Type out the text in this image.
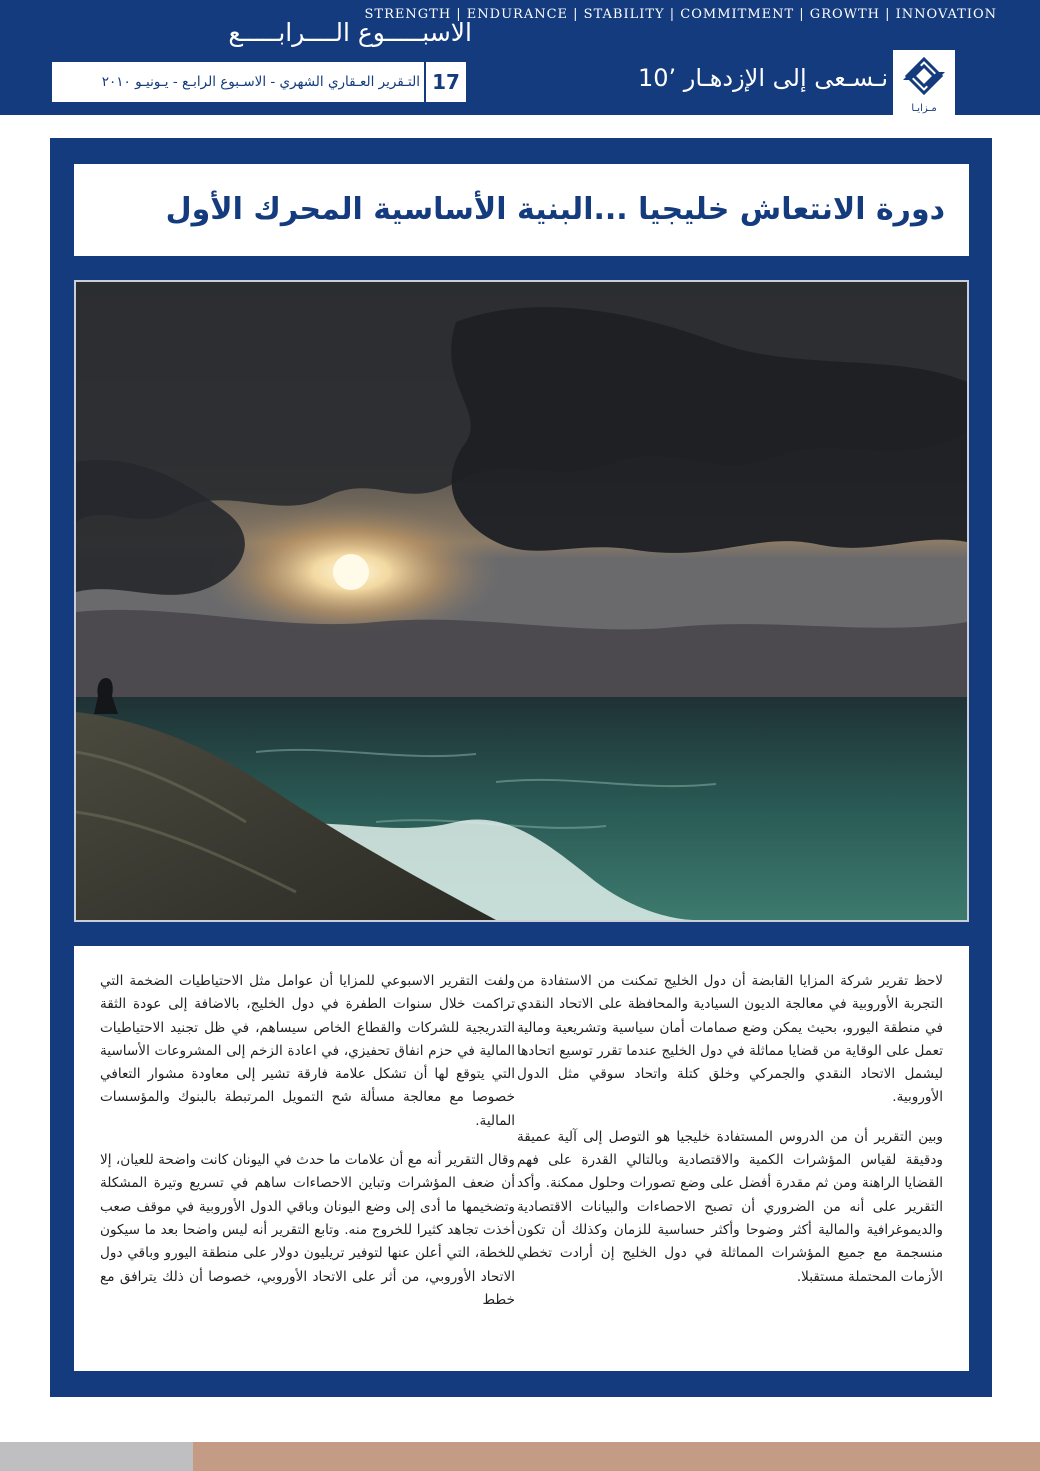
الاسبـــــوع الــــرابـــــع
التـقرير العـقاري الشهري - الاسـبوع الرابـع - يـونيـو ٢٠١٠ 17	نـسـعى إلى الإزدهـار 10٬
مـزايـا
دورة الانتعاش خليجيا ...البنية الأساسية المحرك الأول

لاحظ تقرير شركة المزايا القابضة أن دول الخليج تمكنت من الاستفادة من التجربة الأوروبية في معالجة الديون السيادية والمحافظة على الاتحاد النقدي في منطقة اليورو، بحيث يمكن وضع صمامات أمان سياسية وتشريعية ومالية تعمل على الوقاية من قضايا مماثلة في دول الخليج عندما تقرر توسيع اتحادها ليشمل الاتحاد النقدي والجمركي وخلق كتلة واتحاد سوقي مثل الدول الأوروبية.

وبين التقرير أن من الدروس المستفادة خليجيا هو التوصل إلى آلية عميقة ودقيقة لقياس المؤشرات الكمية والاقتصادية وبالتالي القدرة على فهم القضايا الراهنة ومن ثم مقدرة أفضل على وضع تصورات وحلول ممكنة. وأكد التقرير على أنه من الضروري أن تصبح الاحصاءات والبيانات الاقتصادية والديموغرافية والمالية أكثر وضوحا وأكثر حساسية للزمان وكذلك أن تكون منسجمة مع جميع المؤشرات المماثلة في دول الخليج إن أرادت تخطي الأزمات المحتملة مستقبلا.

ولفت التقرير الاسبوعي للمزايا أن عوامل مثل الاحتياطيات الضخمة التي تراكمت خلال سنوات الطفرة في دول الخليج، بالاضافة إلى عودة الثقة التدريجية للشركات والقطاع الخاص سيساهم، في ظل تجنيد الاحتياطيات المالية في حزم انفاق تحفيزي، في اعادة الزخم إلى المشروعات الأساسية التي يتوقع لها أن تشكل علامة فارقة تشير إلى معاودة مشوار التعافي خصوصا مع معالجة مسألة شح التمويل المرتبطة بالبنوك والمؤسسات المالية.

وقال التقرير أنه مع أن علامات ما حدث في اليونان كانت واضحة للعيان، إلا أن ضعف المؤشرات وتباين الاحصاءات ساهم في تسريع وتيرة المشكلة وتضخيمها ما أدى إلى وضع اليونان وباقي الدول الأوروبية في موقف صعب أخذت تجاهد كثيرا للخروج منه. وتابع التقرير أنه ليس واضحا بعد ما سيكون للخطة، التي أعلن عنها لتوفير تريليون دولار على منطقة اليورو وباقي دول الاتحاد الأوروبي، من أثر على الاتحاد الأوروبي، خصوصا أن ذلك يترافق مع خطط

STRENGTH | ENDURANCE | STABILITY | COMMITMENT | GROWTH | INNOVATION
